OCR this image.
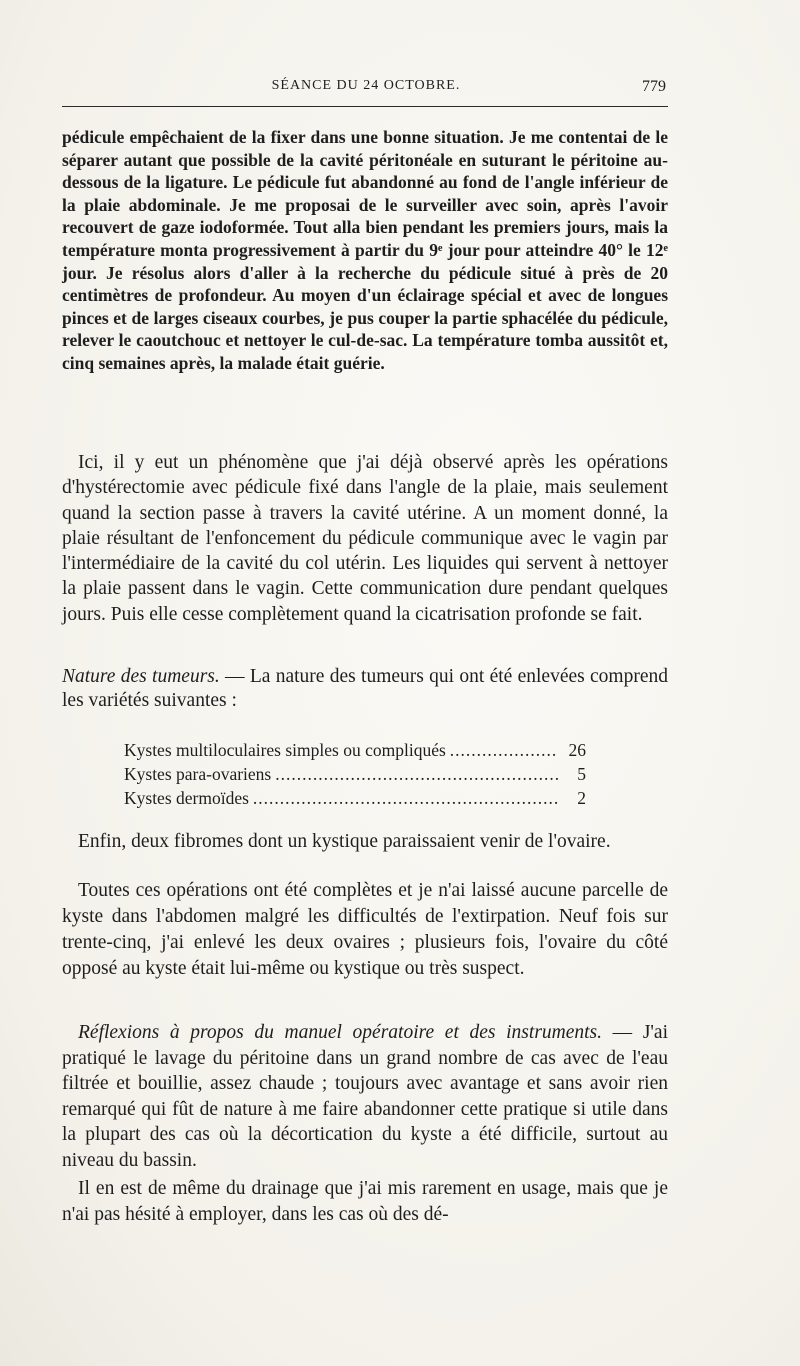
SÉANCE DU 24 OCTOBRE.	779

pédicule empêchaient de la fixer dans une bonne situation. Je me contentai de le séparer autant que possible de la cavité péritonéale en suturant le péritoine au-dessous de la ligature. Le pédicule fut abandonné au fond de l'angle inférieur de la plaie abdominale. Je me proposai de le surveiller avec soin, après l'avoir recouvert de gaze iodoformée. Tout alla bien pendant les premiers jours, mais la température monta progressivement à partir du 9ᵉ jour pour atteindre 40° le 12ᵉ jour. Je résolus alors d'aller à la recherche du pédicule situé à près de 20 centimètres de profondeur. Au moyen d'un éclairage spécial et avec de longues pinces et de larges ciseaux courbes, je pus couper la partie sphacélée du pédicule, relever le caoutchouc et nettoyer le cul-de-sac. La température tomba aussitôt et, cinq semaines après, la malade était guérie.

Ici, il y eut un phénomène que j'ai déjà observé après les opérations d'hystérectomie avec pédicule fixé dans l'angle de la plaie, mais seulement quand la section passe à travers la cavité utérine. A un moment donné, la plaie résultant de l'enfoncement du pédicule communique avec le vagin par l'intermédiaire de la cavité du col utérin. Les liquides qui servent à nettoyer la plaie passent dans le vagin. Cette communication dure pendant quelques jours. Puis elle cesse complètement quand la cicatrisation profonde se fait.

Nature des tumeurs. — La nature des tumeurs qui ont été enlevées comprend les variétés suivantes :

Kystes multiloculaires simples ou compliqués .....	26
Kystes para-ovariens .....	5
Kystes dermoïdes .....	2

Enfin, deux fibromes dont un kystique paraissaient venir de l'ovaire.

Toutes ces opérations ont été complètes et je n'ai laissé aucune parcelle de kyste dans l'abdomen malgré les difficultés de l'extirpation. Neuf fois sur trente-cinq, j'ai enlevé les deux ovaires ; plusieurs fois, l'ovaire du côté opposé au kyste était lui-même ou kystique ou très suspect.

Réflexions à propos du manuel opératoire et des instruments. — J'ai pratiqué le lavage du péritoine dans un grand nombre de cas avec de l'eau filtrée et bouillie, assez chaude ; toujours avec avantage et sans avoir rien remarqué qui fût de nature à me faire abandonner cette pratique si utile dans la plupart des cas où la décortication du kyste a été difficile, surtout au niveau du bassin.

Il en est de même du drainage que j'ai mis rarement en usage, mais que je n'ai pas hésité à employer, dans les cas où des dé-
